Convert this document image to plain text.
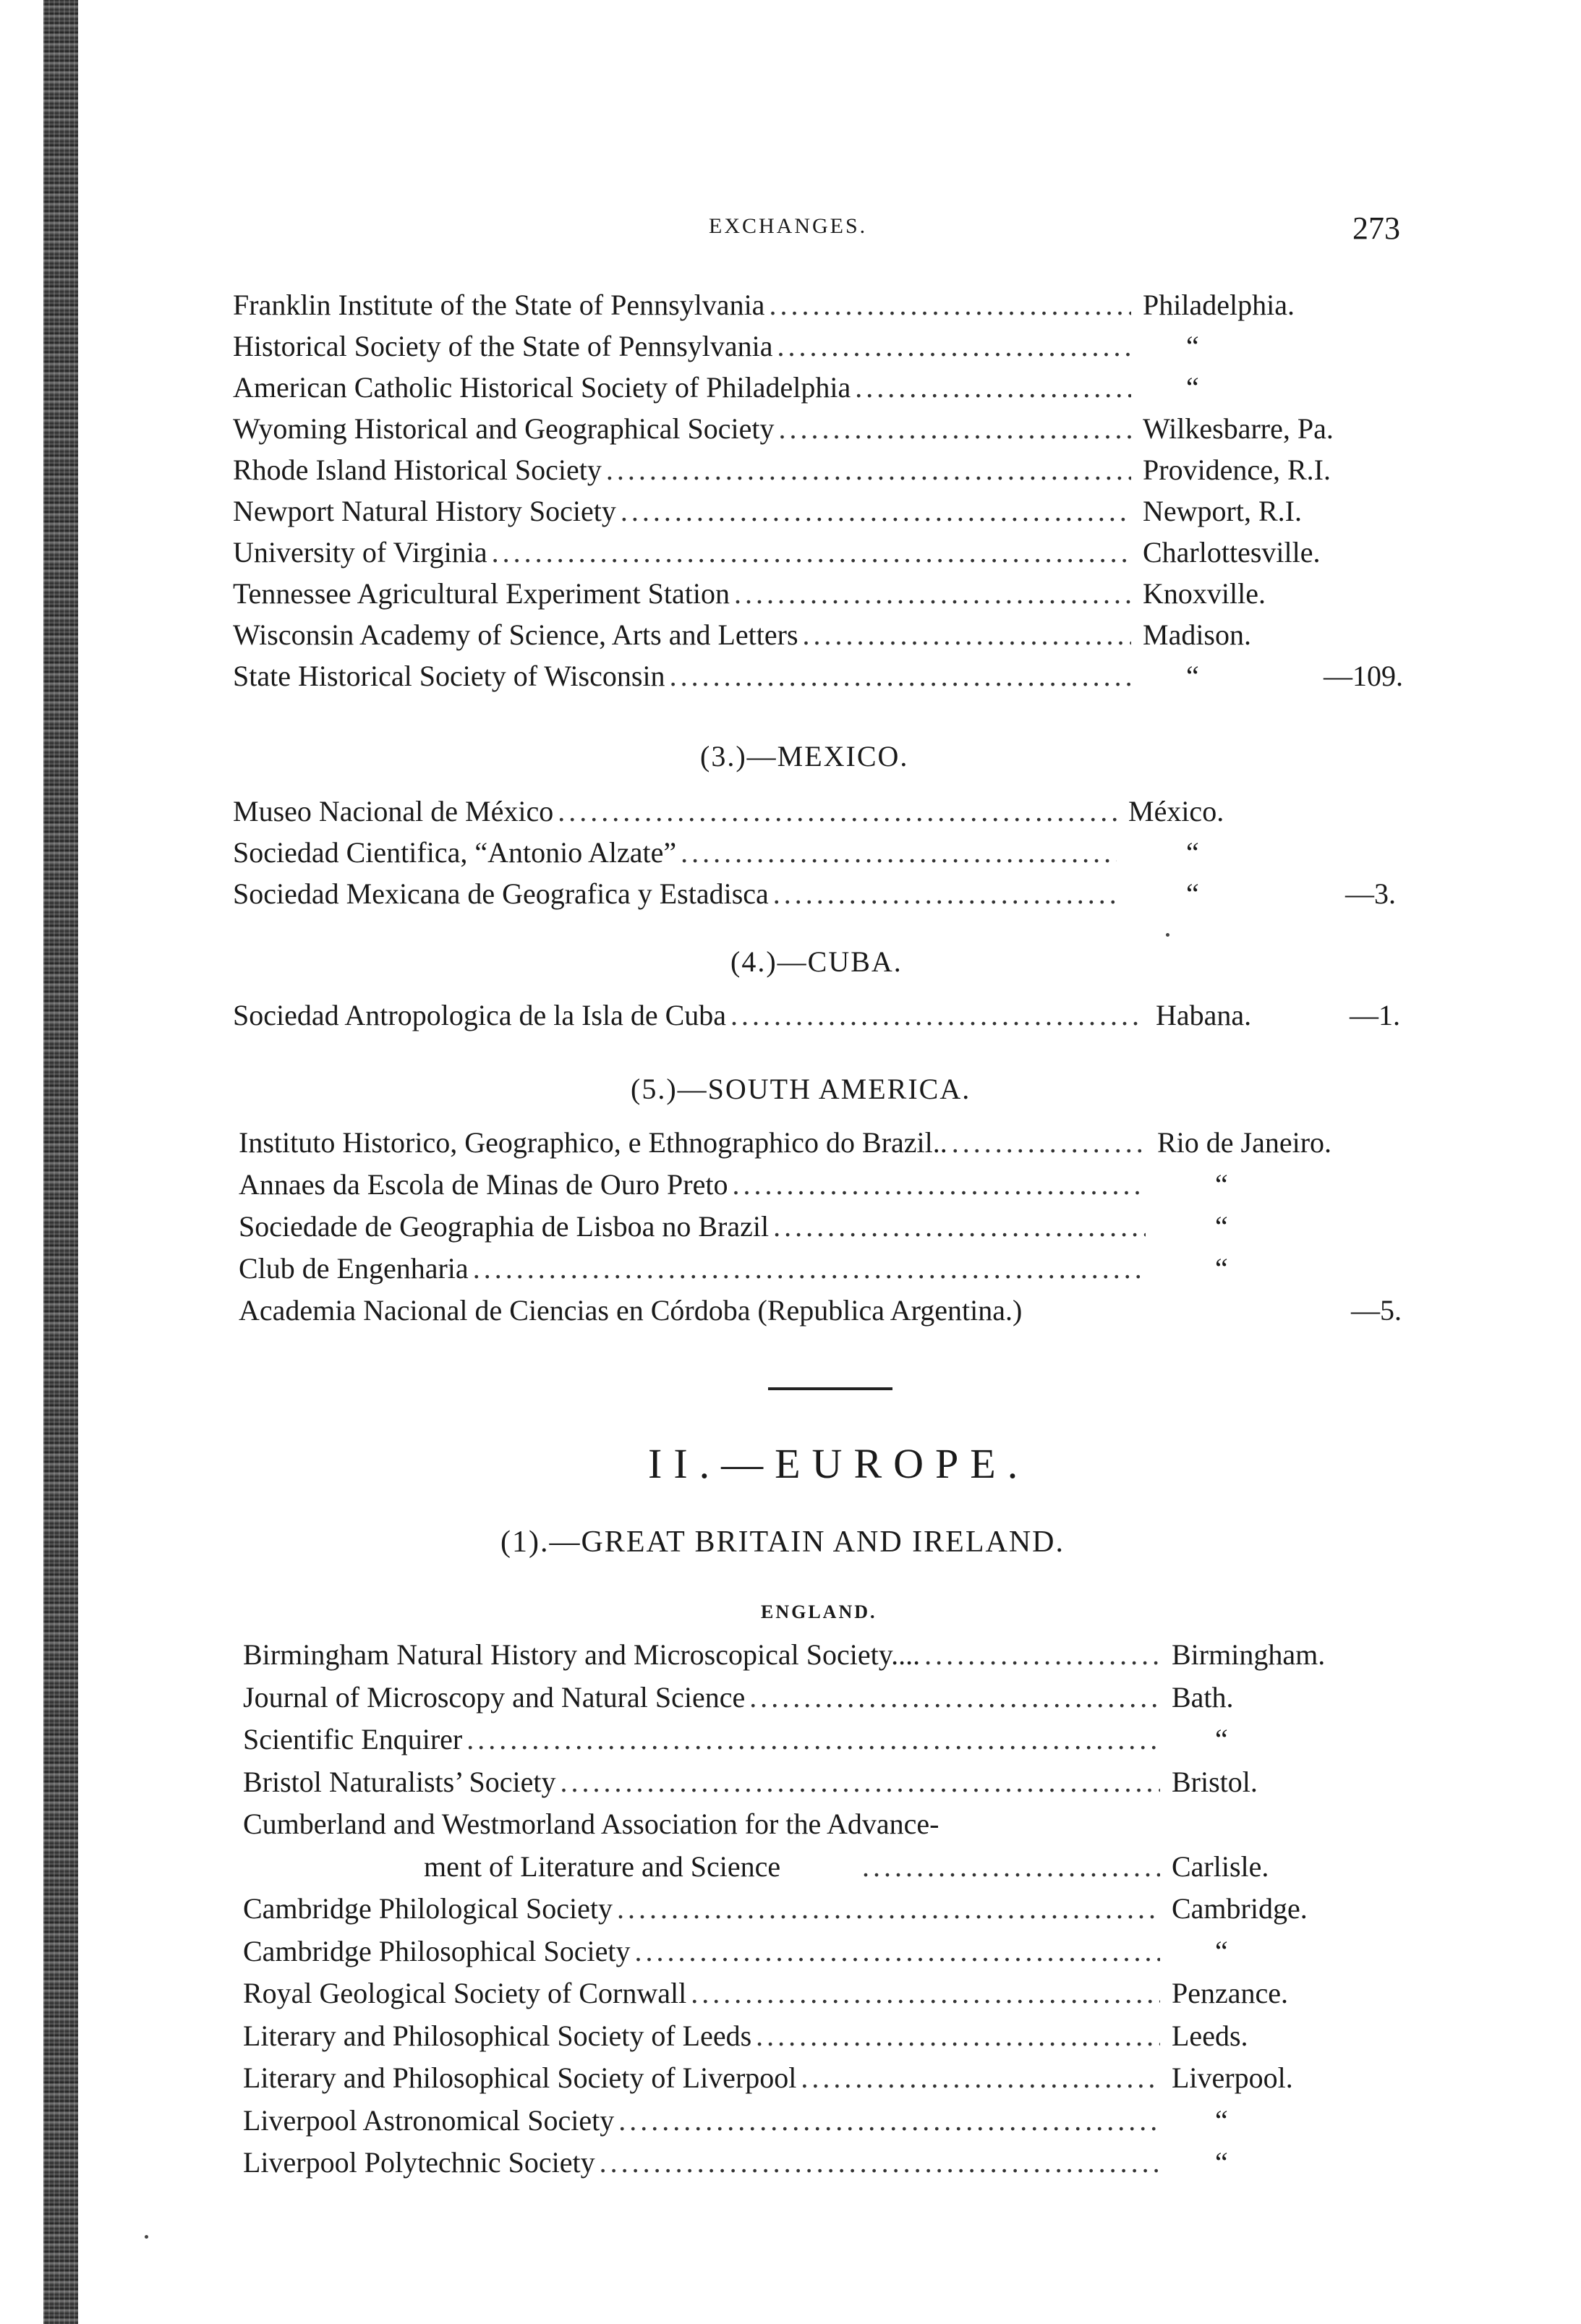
EXCHANGES.	273
Franklin Institute of the State of Pennsylvania .....	Philadelphia.
Historical Society of the State of Pennsylvania .....	“
American Catholic Historical Society of Philadelphia .....	“
Wyoming Historical and Geographical Society .....	Wilkesbarre, Pa.
Rhode Island Historical Society .....	Providence, R.I.
Newport Natural History Society .....	Newport, R.I.
University of Virginia .....	Charlottesville.
Tennessee Agricultural Experiment Station .....	Knoxville.
Wisconsin Academy of Science, Arts and Letters .....	Madison.
State Historical Society of Wisconsin .....	“	—109.
(3.)—MEXICO.
Museo Nacional de México .....	México.
Sociedad Cientifica, “Antonio Alzate” .....	“
Sociedad Mexicana de Geografica y Estadisca .....	“	—3.
(4.)—CUBA.
Sociedad Antropologica de la Isla de Cuba .....	Habana.	—1.
(5.)—SOUTH AMERICA.
Instituto Historico, Geographico, e Ethnographico do Brazil.. .....	Rio de Janeiro.
Annaes da Escola de Minas de Ouro Preto .....	“
Sociedade de Geographia de Lisboa no Brazil .....	“
Club de Engenharia .....	“
Academia Nacional de Ciencias en Córdoba (Republica Argentina.)	—5.
II.—EUROPE.
(1).—GREAT BRITAIN AND IRELAND.
ENGLAND.
Birmingham Natural History and Microscopical Society.... .....	Birmingham.
Journal of Microscopy and Natural Science .....	Bath.
Scientific Enquirer .....	“
Bristol Naturalists’ Society .....	Bristol.
Cumberland and Westmorland Association for the Advance-
ment of Literature and Science .....	Carlisle.
Cambridge Philological Society .....	Cambridge.
Cambridge Philosophical Society .....	“
Royal Geological Society of Cornwall .....	Penzance.
Literary and Philosophical Society of Leeds .....	Leeds.
Literary and Philosophical Society of Liverpool .....	Liverpool.
Liverpool Astronomical Society .....	“
Liverpool Polytechnic Society .....	“
